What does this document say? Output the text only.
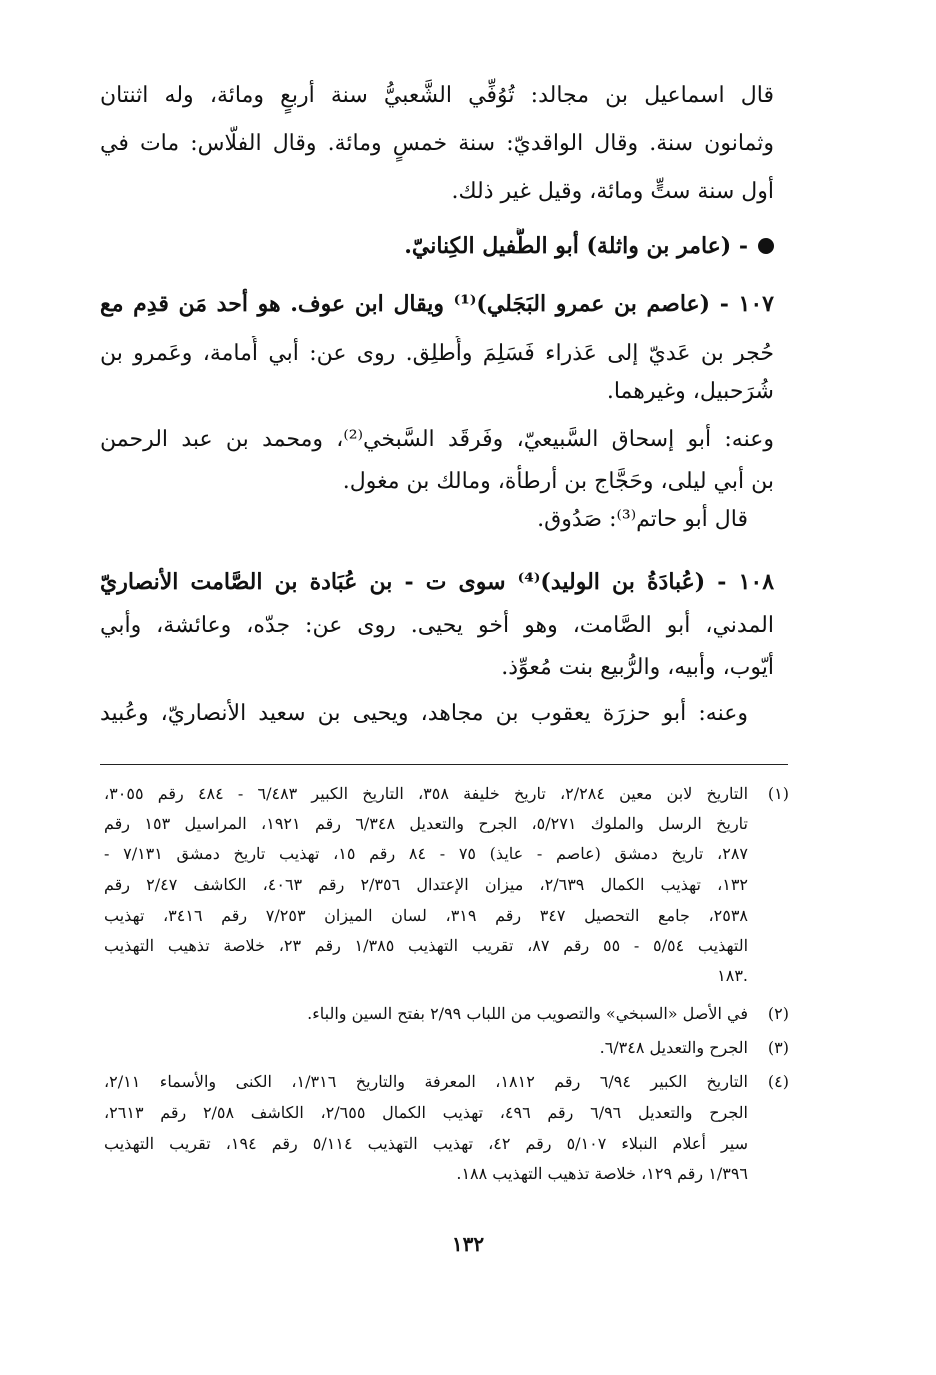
قال اسماعيل بن مجالد: تُوُفِّي الشَّعبيُّ سنة أربعٍ ومائة، وله اثنتان
وثمانون سنة. وقال الواقديّ: سنة خمسٍ ومائة. وقال الفلّاس: مات في
أول سنة ستٍّ ومائة، وقيل غير ذلك.
- (عامر بن واثلة) أبو الطُّفيل الكِنانيّ.
١٠٧ - (عاصم بن عمرو البَجَلي)⁽¹⁾ ويقال ابن عوف. هو أحد مَن قدِم مع
حُجر بن عَديّ إلى عَذراء فَسَلِمَ وأُطلِق. روى عن: أبي أُمامة، وعَمرو بن
شُرَحبيل، وغيرهما.
وعنه: أبو إسحاق السَّبيعيّ، وفَرقَد السَّبخي⁽²⁾، ومحمد بن عبد الرحمن
بن أبي ليلى، وحَجَّاج بن أرطأة، ومالك بن مغول.
قال أبو حاتم⁽³⁾: صَدُوق.
١٠٨ - (عُبادَةُ بن الوليد)⁽⁴⁾ سوى ت - بن عُبَادة بن الصَّامت الأنصاريّ
المدني، أبو الصَّامت، وهو أخو يحيى. روى عن: جدّه، وعائشة، وأبي
أيّوب، وأبيه، والرُّبيع بنت مُعوِّذ.
وعنه: أبو حزرَة يعقوب بن مجاهد، ويحيى بن سعيد الأنصاريّ، وعُبيد
(١)
التاريخ لابن معين ٢/٢٨٤، تاريخ خليفة ٣٥٨، التاريخ الكبير ٦/٤٨٣ - ٤٨٤ رقم ٣٠٥٥،
تاريخ الرسل والملوك ٥/٢٧١، الجرح والتعديل ٦/٣٤٨ رقم ١٩٢١، المراسيل ١٥٣ رقم
٢٨٧، تاريخ دمشق (عاصم - عايذ) ٧٥ - ٨٤ رقم ١٥، تهذيب تاريخ دمشق ٧/١٣١ -
١٣٢، تهذيب الكمال ٢/٦٣٩، ميزان الإعتدال ٢/٣٥٦ رقم ٤٠٦٣، الكاشف ٢/٤٧ رقم
٢٥٣٨، جامع التحصيل ٣٤٧ رقم ٣١٩، لسان الميزان ٧/٢٥٣ رقم ٣٤١٦، تهذيب
التهذيب ٥/٥٤ - ٥٥ رقم ٨٧، تقريب التهذيب ١/٣٨٥ رقم ٢٣، خلاصة تذهيب التهذيب
١٨٣.
(٢)
في الأصل «السبخي» والتصويب من اللباب ٢/٩٩ بفتح السين والباء.
(٣)
الجرح والتعديل ٦/٣٤٨.
(٤)
التاريخ الكبير ٦/٩٤ رقم ١٨١٢، المعرفة والتاريخ ١/٣١٦، الكنى والأسماء ٢/١١،
الجرح والتعديل ٦/٩٦ رقم ٤٩٦، تهذيب الكمال ٢/٦٥٥، الكاشف ٢/٥٨ رقم ٢٦١٣،
سير أعلام النبلاء ٥/١٠٧ رقم ٤٢، تهذيب التهذيب ٥/١١٤ رقم ١٩٤، تقريب التهذيب
١/٣٩٦ رقم ١٢٩، خلاصة تذهيب التهذيب ١٨٨.
١٣٢
